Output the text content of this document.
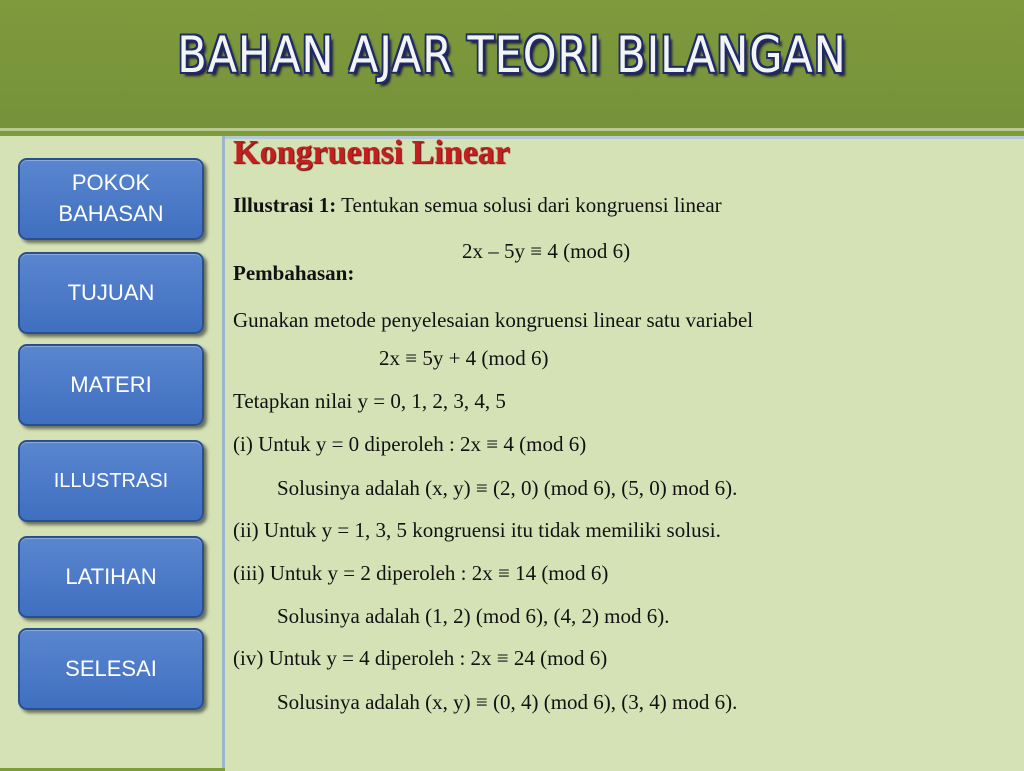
BAHAN AJAR TEORI BILANGAN
POKOK BAHASAN
TUJUAN
MATERI
ILLUSTRASI
LATIHAN
SELESAI
Kongruensi Linear
Illustrasi 1: Tentukan semua solusi dari kongruensi linear
2x – 5y ≡ 4 (mod 6)
Pembahasan:
Gunakan metode penyelesaian kongruensi linear satu variabel
2x ≡ 5y + 4 (mod 6)
Tetapkan nilai y = 0, 1, 2, 3, 4, 5
(i) Untuk y = 0 diperoleh : 2x ≡ 4 (mod 6)
Solusinya adalah (x, y) ≡ (2, 0) (mod 6), (5, 0) mod 6).
(ii) Untuk y = 1, 3, 5 kongruensi itu tidak memiliki solusi.
(iii) Untuk y = 2 diperoleh : 2x ≡ 14 (mod 6)
Solusinya adalah (1, 2) (mod 6), (4, 2) mod 6).
(iv) Untuk y = 4 diperoleh : 2x ≡ 24 (mod 6)
Solusinya adalah (x, y) ≡ (0, 4) (mod 6), (3, 4) mod 6).
